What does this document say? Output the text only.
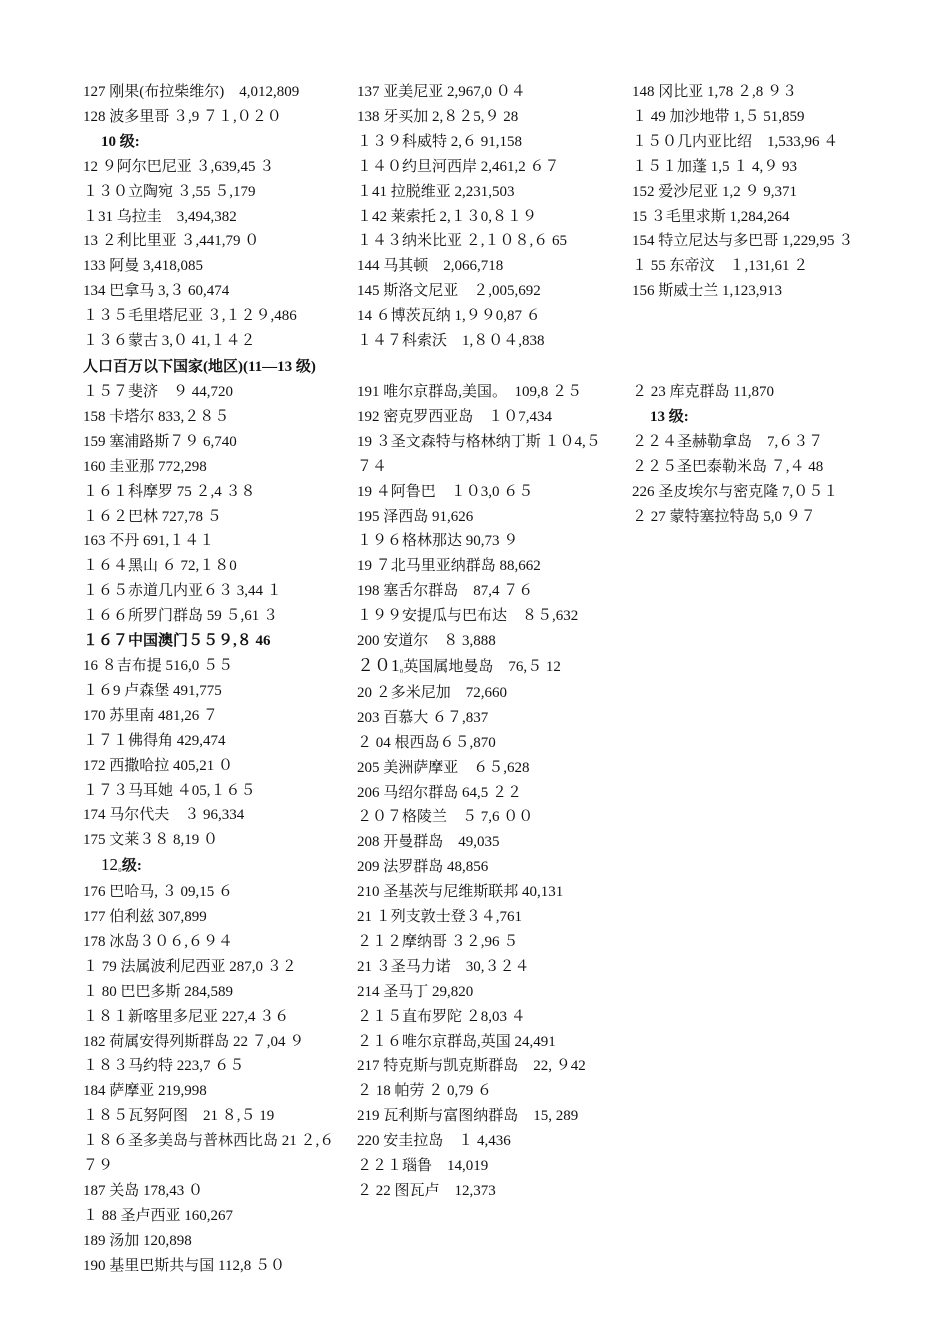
127 刚果(布拉柴维尔)　4,012,809
128 波多里哥 ３,9 ７１,０２０
10 级:
12 ９阿尔巴尼亚 ３,639,45 ３
１３０立陶宛 ３,55 ５,179
１31 乌拉圭　3,494,382
13 ２利比里亚 ３,441,79 ０
133 阿曼 3,418,085
134 巴拿马 3,３ 60,474
１３５毛里塔尼亚 ３,１２９,486
１３６蒙古 3,０ 41,１４２
137 亚美尼亚 2,967,0 ０４
138 牙买加 2,８２5,９ 28
１３９科威特 2,６ 91,158
１４０约旦河西岸 2,461,2 ６７
１41 拉脱维亚 2,231,503
１42 莱索托 2,１３0,８１９
１４３纳米比亚 ２,１０８,６ 65
144 马其顿　2,066,718
145 斯洛文尼亚　２,005,692
14 ６博茨瓦纳 1,９９0,87 ６
１４７科索沃　1,８０４,838
148 冈比亚 1,78 ２,8 ９３
１ 49 加沙地带 1,５ 51,859
１５０几内亚比绍　1,533,96 ４
１５１加蓬 1,5 １ 4,９ 93
152 爱沙尼亚 1,2 ９ 9,371
15 ３毛里求斯 1,284,264
154 特立尼达与多巴哥 1,229,95 ３
１ 55 东帝汶　１,131,61 ２
156 斯威士兰 1,123,913
人口百万以下国家(地区)(11—13 级)
１５７斐济　９ 44,720
158 卡塔尔 833,２８５
159 塞浦路斯７９ 6,740
160 圭亚那 772,298
１６１科摩罗 75 ２,4 ３８
１６２巴林 727,78 ５
163 不丹 691,１４１
１６４黑山 ６ 72,１８0
１６５赤道几内亚６３ 3,44 １
１６６所罗门群岛 59 ５,61 ３
１６７中国澳门５５９,８ 46
16 ８吉布提 516,0 ５５
１６9 卢森堡 491,775
170 苏里南 481,26 ７
１７１佛得角 429,474
172 西撒哈拉 405,21 ０
１７３马耳她 ４05,１６５
174 马尔代夫　３ 96,334
175 文莱３８ 8,19 ０
12₀级:
176 巴哈马, ３ 09,15 ６
177 伯利兹 307,899
178 冰岛３０６,６９４
１ 79 法属波利尼西亚 287,0 ３２
１ 80 巴巴多斯 284,589
１８１新喀里多尼亚 227,4 ３６
182 荷属安得列斯群岛 22 ７,04 ９
１８３马约特 223,7 ６５
184 萨摩亚 219,998
１８５瓦努阿图　21 ８,５ 19
１８６圣多美岛与普林西比岛 21 ２,６７９
187 关岛 178,43 ０
１ 88 圣卢西亚 160,267
189 汤加 120,898
190 基里巴斯共与国 112,8 ５０
191 唯尔京群岛,美国。　109,8 ２５
192 密克罗西亚岛　１０7,434
19 ３圣文森特与格林纳丁斯 １０4,５７４
19 ４阿鲁巴　１０3,0 ６５
195 泽西岛 91,626
１９６格林那达 90,73 ９
19 ７北马里亚纳群岛 88,662
198 塞舌尔群岛　87,4 ７６
１９９安提瓜与巴布达　８５,632
200 安道尔　８ 3,888
２０1₀英国属地曼岛　76,５ 12
20 ２多米尼加　72,660
203 百慕大 ６７,837
２ 04 根西岛６５,870
205 美洲萨摩亚　６５,628
206 马绍尔群岛 64,5 ２２
２０７格陵兰　５ 7,6 ００
208 开曼群岛　49,035
209 法罗群岛 48,856
210 圣基茨与尼维斯联邦 40,131
21 １列支敦士登３４,761
２１２摩纳哥 ３２,96 ５
21 ３圣马力诺　30,３２４
214 圣马丁 29,820
２１５直布罗陀 ２8,03 ４
２１６唯尔京群岛,英国 24,491
217 特克斯与凯克斯群岛　22, ９42
２ 18 帕劳 ２ 0,79 ６
219 瓦利斯与富图纳群岛　15, 289
220 安圭拉岛　１ 4,436
２２１瑙鲁　14,019
２ 22 图瓦卢　12,373
２ 23 库克群岛 11,870
13 级:
２２４圣赫勒拿岛　7,６３７
２２５圣巴泰勒米岛 ７,４ 48
226 圣皮埃尔与密克隆 7,０５１
２ 27 蒙特塞拉特岛 5,0 ９７
